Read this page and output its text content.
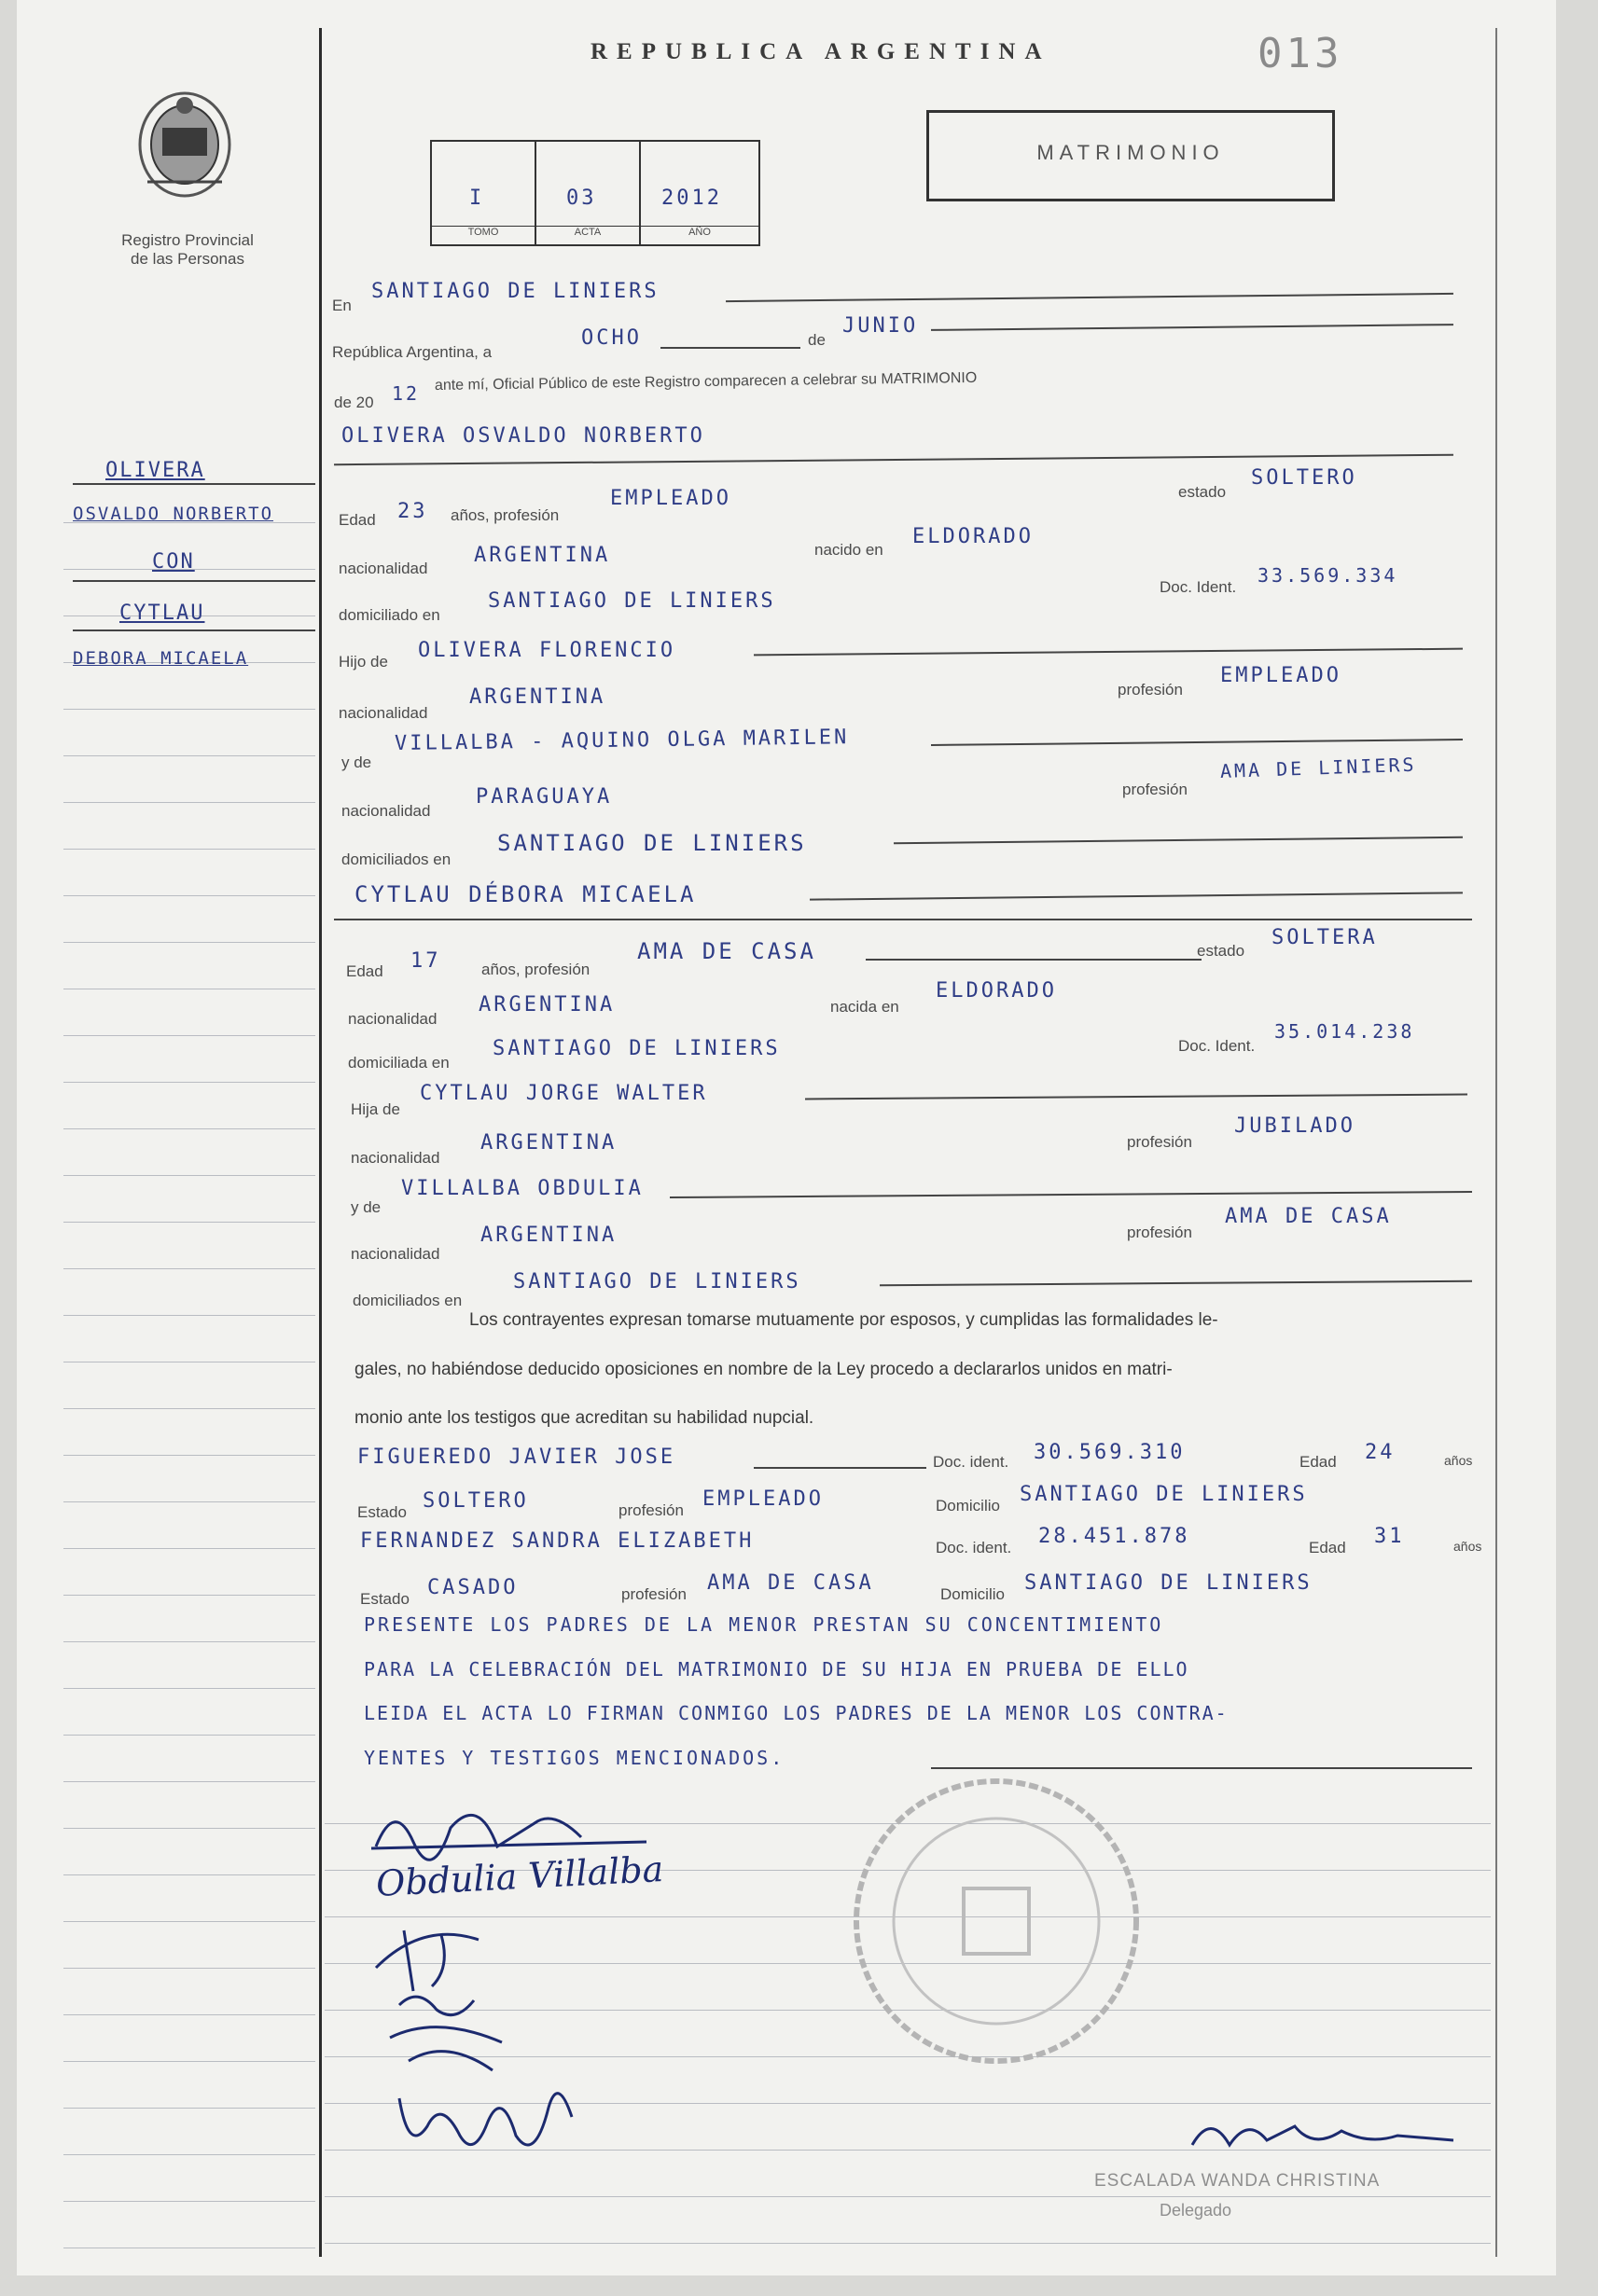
Registro Provincial
de las Personas
REPUBLICA ARGENTINA	013
I
TOMO
03
ACTA
2012
AÑO
MATRIMONIO
OLIVERA
OSVALDO NORBERTO
CON
CYTLAU
DEBORA MICAELA
En
SANTIAGO DE LINIERS
República Argentina, a
OCHO	de
JUNIO
de 20 12
ante mí, Oficial Público de este Registro comparecen a celebrar su MATRIMONIO
OLIVERA OSVALDO NORBERTO
Edad 23 años, profesión
EMPLEADO	estado
SOLTERO
nacionalidad
ARGENTINA	nacido en
ELDORADO
domiciliado en
SANTIAGO DE LINIERS
Doc. Ident.
33.569.334
Hijo de OLIVERA FLORENCIO
nacionalidad
ARGENTINA	profesión
EMPLEADO
y de
VILLALBA - AQUINO OLGA MARILEN
nacionalidad
PARAGUAYA	profesión
AMA DE LINIERS
domiciliados en
SANTIAGO DE LINIERS
CYTLAU DÉBORA MICAELA
Edad 17	años, profesión
AMA DE CASA	estado
SOLTERA
nacionalidad
ARGENTINA	nacida en
ELDORADO
domiciliada en
SANTIAGO DE LINIERS	Doc. Ident.
35.014.238
Hija de
CYTLAU JORGE WALTER
nacionalidad
ARGENTINA	profesión
JUBILADO
y de
VILLALBA OBDULIA
nacionalidad
ARGENTINA	profesión
AMA DE CASA
domiciliados en
SANTIAGO DE LINIERS
Los contrayentes expresan tomarse mutuamente por esposos, y cumplidas las formalidades le-
gales, no habiéndose deducido oposiciones en nombre de la Ley procedo a declararlos unidos en matri-
monio ante los testigos que acreditan su habilidad nupcial.
FIGUEREDO JAVIER JOSE	Doc. ident. 30.569.310	Edad 24	años
Estado SOLTERO	profesión EMPLEADO	Domicilio SANTIAGO DE LINIERS
FERNANDEZ SANDRA ELIZABETH	Doc. ident. 28.451.878	Edad 31	años
Estado CASADO	profesión AMA DE CASA	Domicilio SANTIAGO DE LINIERS
PRESENTE LOS PADRES DE LA MENOR PRESTAN SU CONCENTIMIENTO
PARA LA CELEBRACIÓN DEL MATRIMONIO DE SU HIJA EN PRUEBA DE ELLO
LEIDA EL ACTA LO FIRMAN CONMIGO LOS PADRES DE LA MENOR LOS CONTRA-
YENTES Y TESTIGOS MENCIONADOS.
Obdulia Villalba
ESCALADA WANDA CHRISTINA
Delegado
